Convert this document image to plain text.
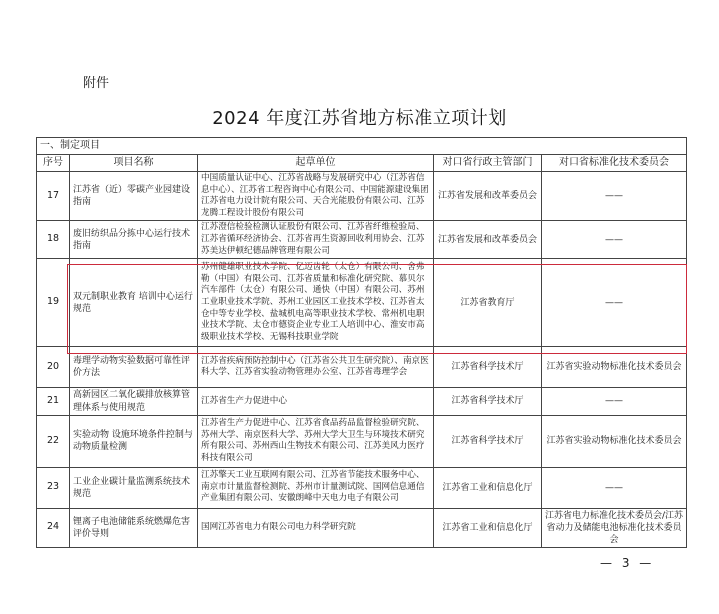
附件
2024 年度江苏省地方标准立项计划
一、制定项目				
序号	项目名称	起草单位	对口省行政主管部门	对口省标准化技术委员会
17	江苏省（近）零碳产业园建设指南	中国质量认证中心、江苏省战略与发展研究中心（江苏省信息中心）、江苏省工程咨询中心有限公司、中国能源建设集团江苏省电力设计院有限公司、天合光能股份有限公司、江苏龙腾工程设计股份有限公司	江苏省发展和改革委员会	——
18	废旧纺织品分拣中心运行技术指南	江苏澄信检验检测认证股份有限公司、江苏省纤维检验局、江苏省循环经济协会、江苏省再生资源回收利用协会、江苏苏美达伊顿纪德品牌管理有限公司	江苏省发展和改革委员会	——
19	双元制职业教育 培训中心运行规范	苏州健雄职业技术学院、亿迈齿轮（太仓）有限公司、舍弗勒（中国）有限公司、江苏省质量和标准化研究院、慕贝尔汽车部件（太仓）有限公司、通快（中国）有限公司、苏州工业职业技术学院、苏州工业园区工业技术学校、江苏省太仓中等专业学校、盐城机电高等职业技术学校、常州机电职业技术学院、太仓市德资企业专业工人培训中心、淮安市高级职业技术学校、无锡科技职业学院	江苏省教育厅	——
20	毒理学动物实验数据可靠性评价方法	江苏省疾病预防控制中心（江苏省公共卫生研究院）、南京医科大学、江苏省实验动物管理办公室、江苏省毒理学会	江苏省科学技术厅	江苏省实验动物标准化技术委员会
21	高新园区二氧化碳排放核算管理体系与使用规范	江苏省生产力促进中心	江苏省科学技术厅	——
22	实验动物 设施环境条件控制与动物质量检测	江苏省生产力促进中心、江苏省食品药品监督检验研究院、苏州大学、南京医科大学、苏州大学大卫生与环境技术研究所有限公司、苏州西山生物技术有限公司、江苏美风力医疗科技有限公司	江苏省科学技术厅	江苏省实验动物标准化技术委员会
23	工业企业碳计量监测系统技术规范	江苏擎天工业互联网有限公司、江苏省节能技术服务中心、南京市计量监督检测院、苏州市计量测试院、国网信息通信产业集团有限公司、安徽朗峰中天电力电子有限公司	江苏省工业和信息化厅	——
24	锂离子电池储能系统燃爆危害评价导则	国网江苏省电力有限公司电力科学研究院	江苏省工业和信息化厅	江苏省电力标准化技术委员会/江苏省动力及储能电池标准化技术委员会
— 3 —
